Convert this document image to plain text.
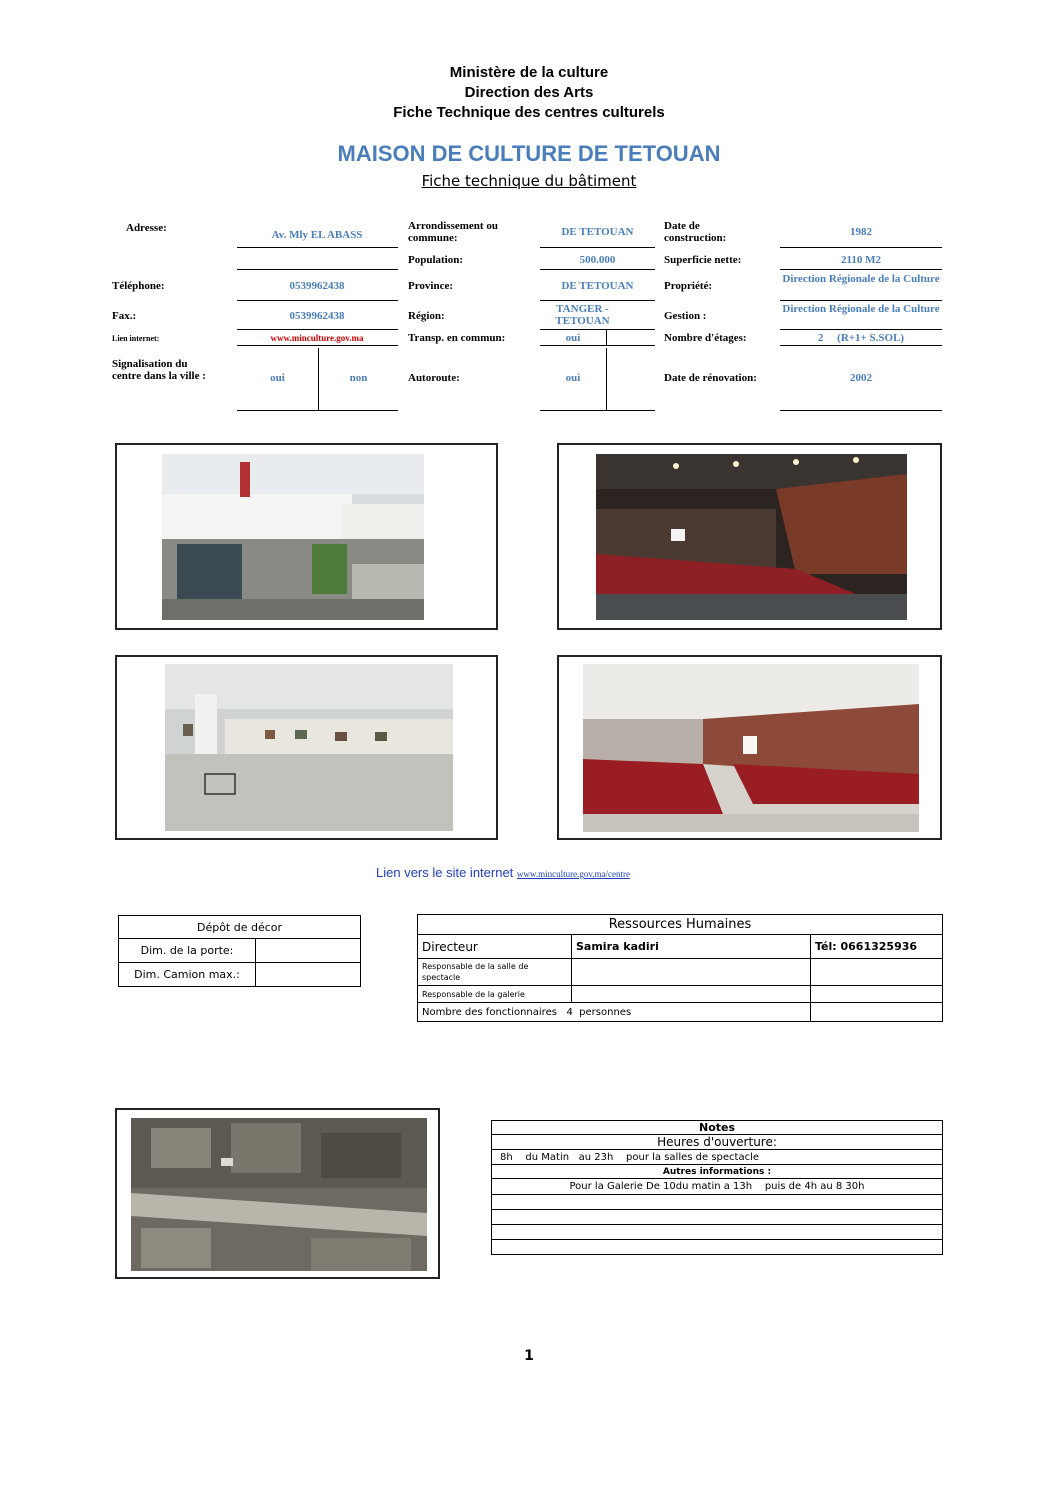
Ministère de la culture
Direction des Arts
Fiche Technique des centres culturels
MAISON DE CULTURE DE TETOUAN
Fiche technique du bâtiment
Adresse:
Av. Mly EL ABASS
Arrondissement ou commune:	DE TETOUAN	Date de construction:	1982
Population:	500.000	Superficie nette:	2110 M2
Téléphone:	0539962438	Province:	DE TETOUAN	Propriété:
Direction Régionale de la Culture
Fax.:	0539962438	Région:
TANGER - TETOUAN	Gestion :
Direction Régionale de la Culture
Lien internet:	www.minculture.gov.ma	Transp. en commun:	oui	Nombre d'étages:	2     (R+1+ S.SOL)
Signalisation du centre dans la ville :	oui	non	Autoroute:	oui	Date de rénovation:	2002
Lien vers le site internet www.minculture.gov.ma/centre
Dépôt de décor	
Dim. de la porte:	
Dim. Camion max.:	
Ressources Humaines		
Directeur	Samira kadiri	Tél: 0661325936
Responsable de la salle de spectacle		
Responsable de la galerie		
Nombre des fonctionnaires   4  personnes		
Notes
Heures d'ouverture:
8h    du Matin   au 23h    pour la salles de spectacle
Autres informations :
Pour la Galerie De 10du matin a 13h    puis de 4h au 8 30h

1
